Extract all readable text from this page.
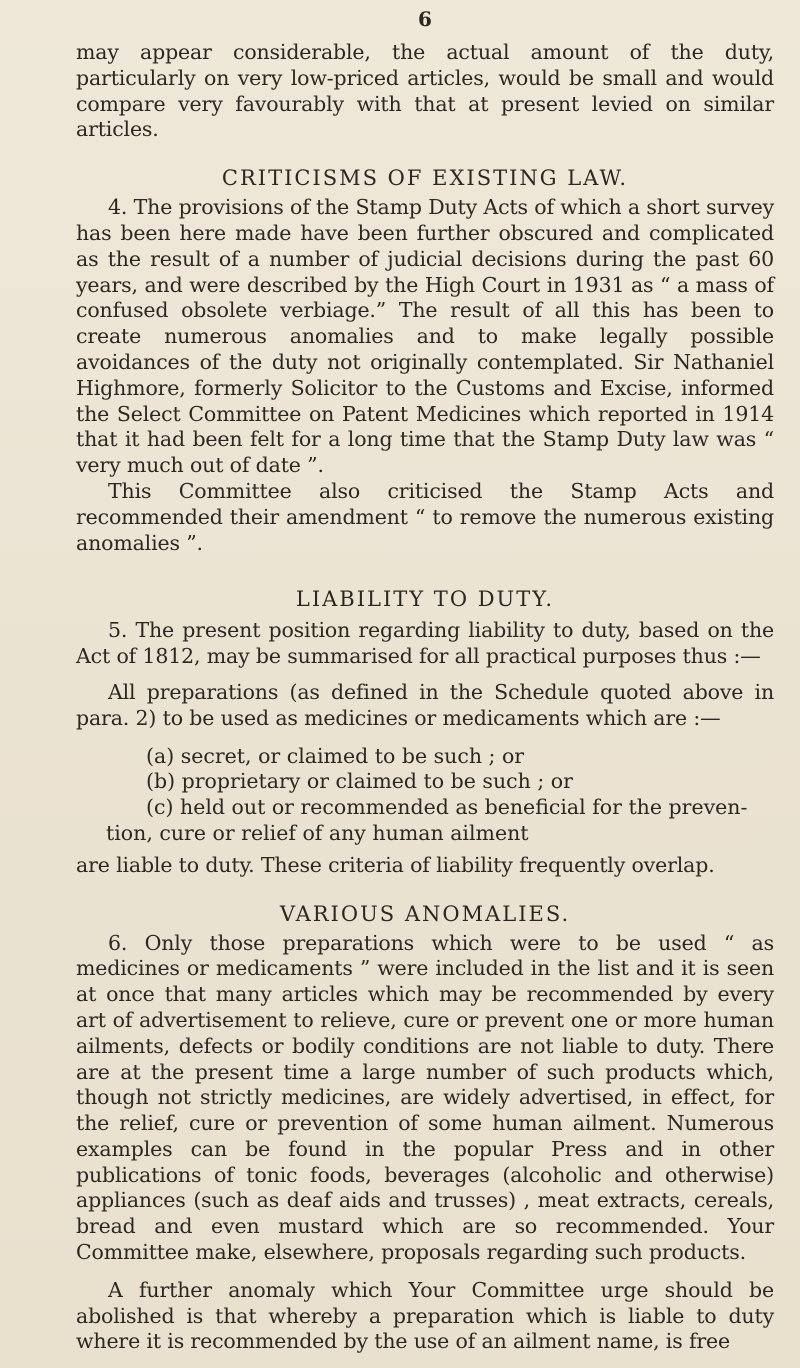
6

may appear considerable, the actual amount of the duty, particularly on very low-priced articles, would be small and would compare very favourably with that at present levied on similar articles.

CRITICISMS OF EXISTING LAW.

4. The provisions of the Stamp Duty Acts of which a short survey has been here made have been further obscured and complicated as the result of a number of judicial decisions during the past 60 years, and were described by the High Court in 1931 as “ a mass of confused obsolete verbiage.” The result of all this has been to create numerous anomalies and to make legally possible avoidances of the duty not originally contemplated. Sir Nathaniel Highmore, formerly Solicitor to the Customs and Excise, informed the Select Committee on Patent Medicines which reported in 1914 that it had been felt for a long time that the Stamp Duty law was “ very much out of date ”.

This Committee also criticised the Stamp Acts and recommended their amendment “ to remove the numerous existing anomalies ”.

LIABILITY TO DUTY.

5. The present position regarding liability to duty, based on the Act of 1812, may be summarised for all practical purposes thus :—

All preparations (as defined in the Schedule quoted above in para. 2) to be used as medicines or medicaments which are :—

(a) secret, or claimed to be such ; or
(b) proprietary or claimed to be such ; or
(c) held out or recommended as beneficial for the preven-
tion, cure or relief of any human ailment

are liable to duty. These criteria of liability frequently overlap.

VARIOUS ANOMALIES.

6. Only those preparations which were to be used “ as medicines or medicaments ” were included in the list and it is seen at once that many articles which may be recommended by every art of advertisement to relieve, cure or prevent one or more human ailments, defects or bodily conditions are not liable to duty. There are at the present time a large number of such products which, though not strictly medicines, are widely advertised, in effect, for the relief, cure or prevention of some human ailment. Numerous examples can be found in the popular Press and in other publications of tonic foods, beverages (alcoholic and otherwise) appliances (such as deaf aids and trusses) , meat extracts, cereals, bread and even mustard which are so recommended. Your Committee make, elsewhere, proposals regarding such products.

A further anomaly which Your Committee urge should be abolished is that whereby a preparation which is liable to duty where it is recommended by the use of an ailment name, is free
